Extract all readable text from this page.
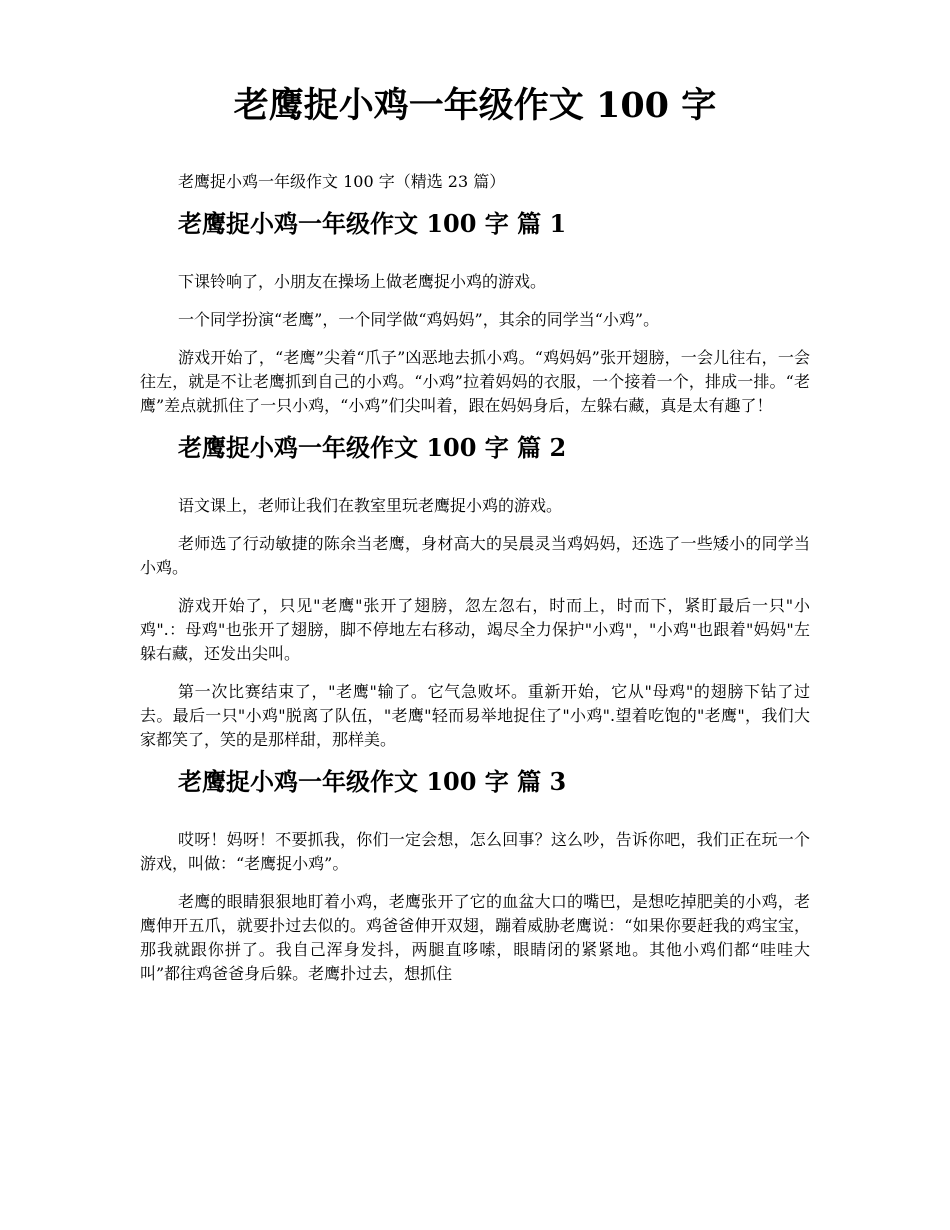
老鹰捉小鸡一年级作文 100 字

老鹰捉小鸡一年级作文 100 字（精选 23 篇）

老鹰捉小鸡一年级作文 100 字 篇 1

下课铃响了，小朋友在操场上做老鹰捉小鸡的游戏。

一个同学扮演“老鹰”，一个同学做“鸡妈妈”，其余的同学当“小鸡”。

游戏开始了，“老鹰”尖着“爪子”凶恶地去抓小鸡。“鸡妈妈”张开翅膀，一会儿往右，一会往左，就是不让老鹰抓到自己的小鸡。“小鸡”拉着妈妈的衣服，一个接着一个，排成一排。“老鹰”差点就抓住了一只小鸡，“小鸡”们尖叫着，跟在妈妈身后，左躲右藏，真是太有趣了！

老鹰捉小鸡一年级作文 100 字 篇 2

语文课上，老师让我们在教室里玩老鹰捉小鸡的游戏。

老师选了行动敏捷的陈余当老鹰，身材高大的吴晨灵当鸡妈妈，还选了一些矮小的同学当小鸡。

游戏开始了，只见"老鹰"张开了翅膀，忽左忽右，时而上，时而下，紧盯最后一只"小鸡".：母鸡"也张开了翅膀，脚不停地左右移动，竭尽全力保护"小鸡"，"小鸡"也跟着"妈妈"左躲右藏，还发出尖叫。

第一次比赛结束了，"老鹰"输了。它气急败坏。重新开始，它从"母鸡"的翅膀下钻了过去。最后一只"小鸡"脱离了队伍，"老鹰"轻而易举地捉住了"小鸡".望着吃饱的"老鹰"，我们大家都笑了，笑的是那样甜，那样美。

老鹰捉小鸡一年级作文 100 字 篇 3

哎呀！妈呀！不要抓我，你们一定会想，怎么回事？这么吵，告诉你吧，我们正在玩一个游戏，叫做：“老鹰捉小鸡”。

老鹰的眼睛狠狠地盯着小鸡，老鹰张开了它的血盆大口的嘴巴，是想吃掉肥美的小鸡，老鹰伸开五爪，就要扑过去似的。鸡爸爸伸开双翅，蹦着威胁老鹰说：“如果你要赶我的鸡宝宝，那我就跟你拼了。我自己浑身发抖，两腿直哆嗦，眼睛闭的紧紧地。其他小鸡们都“哇哇大叫”都往鸡爸爸身后躲。老鹰扑过去，想抓住
